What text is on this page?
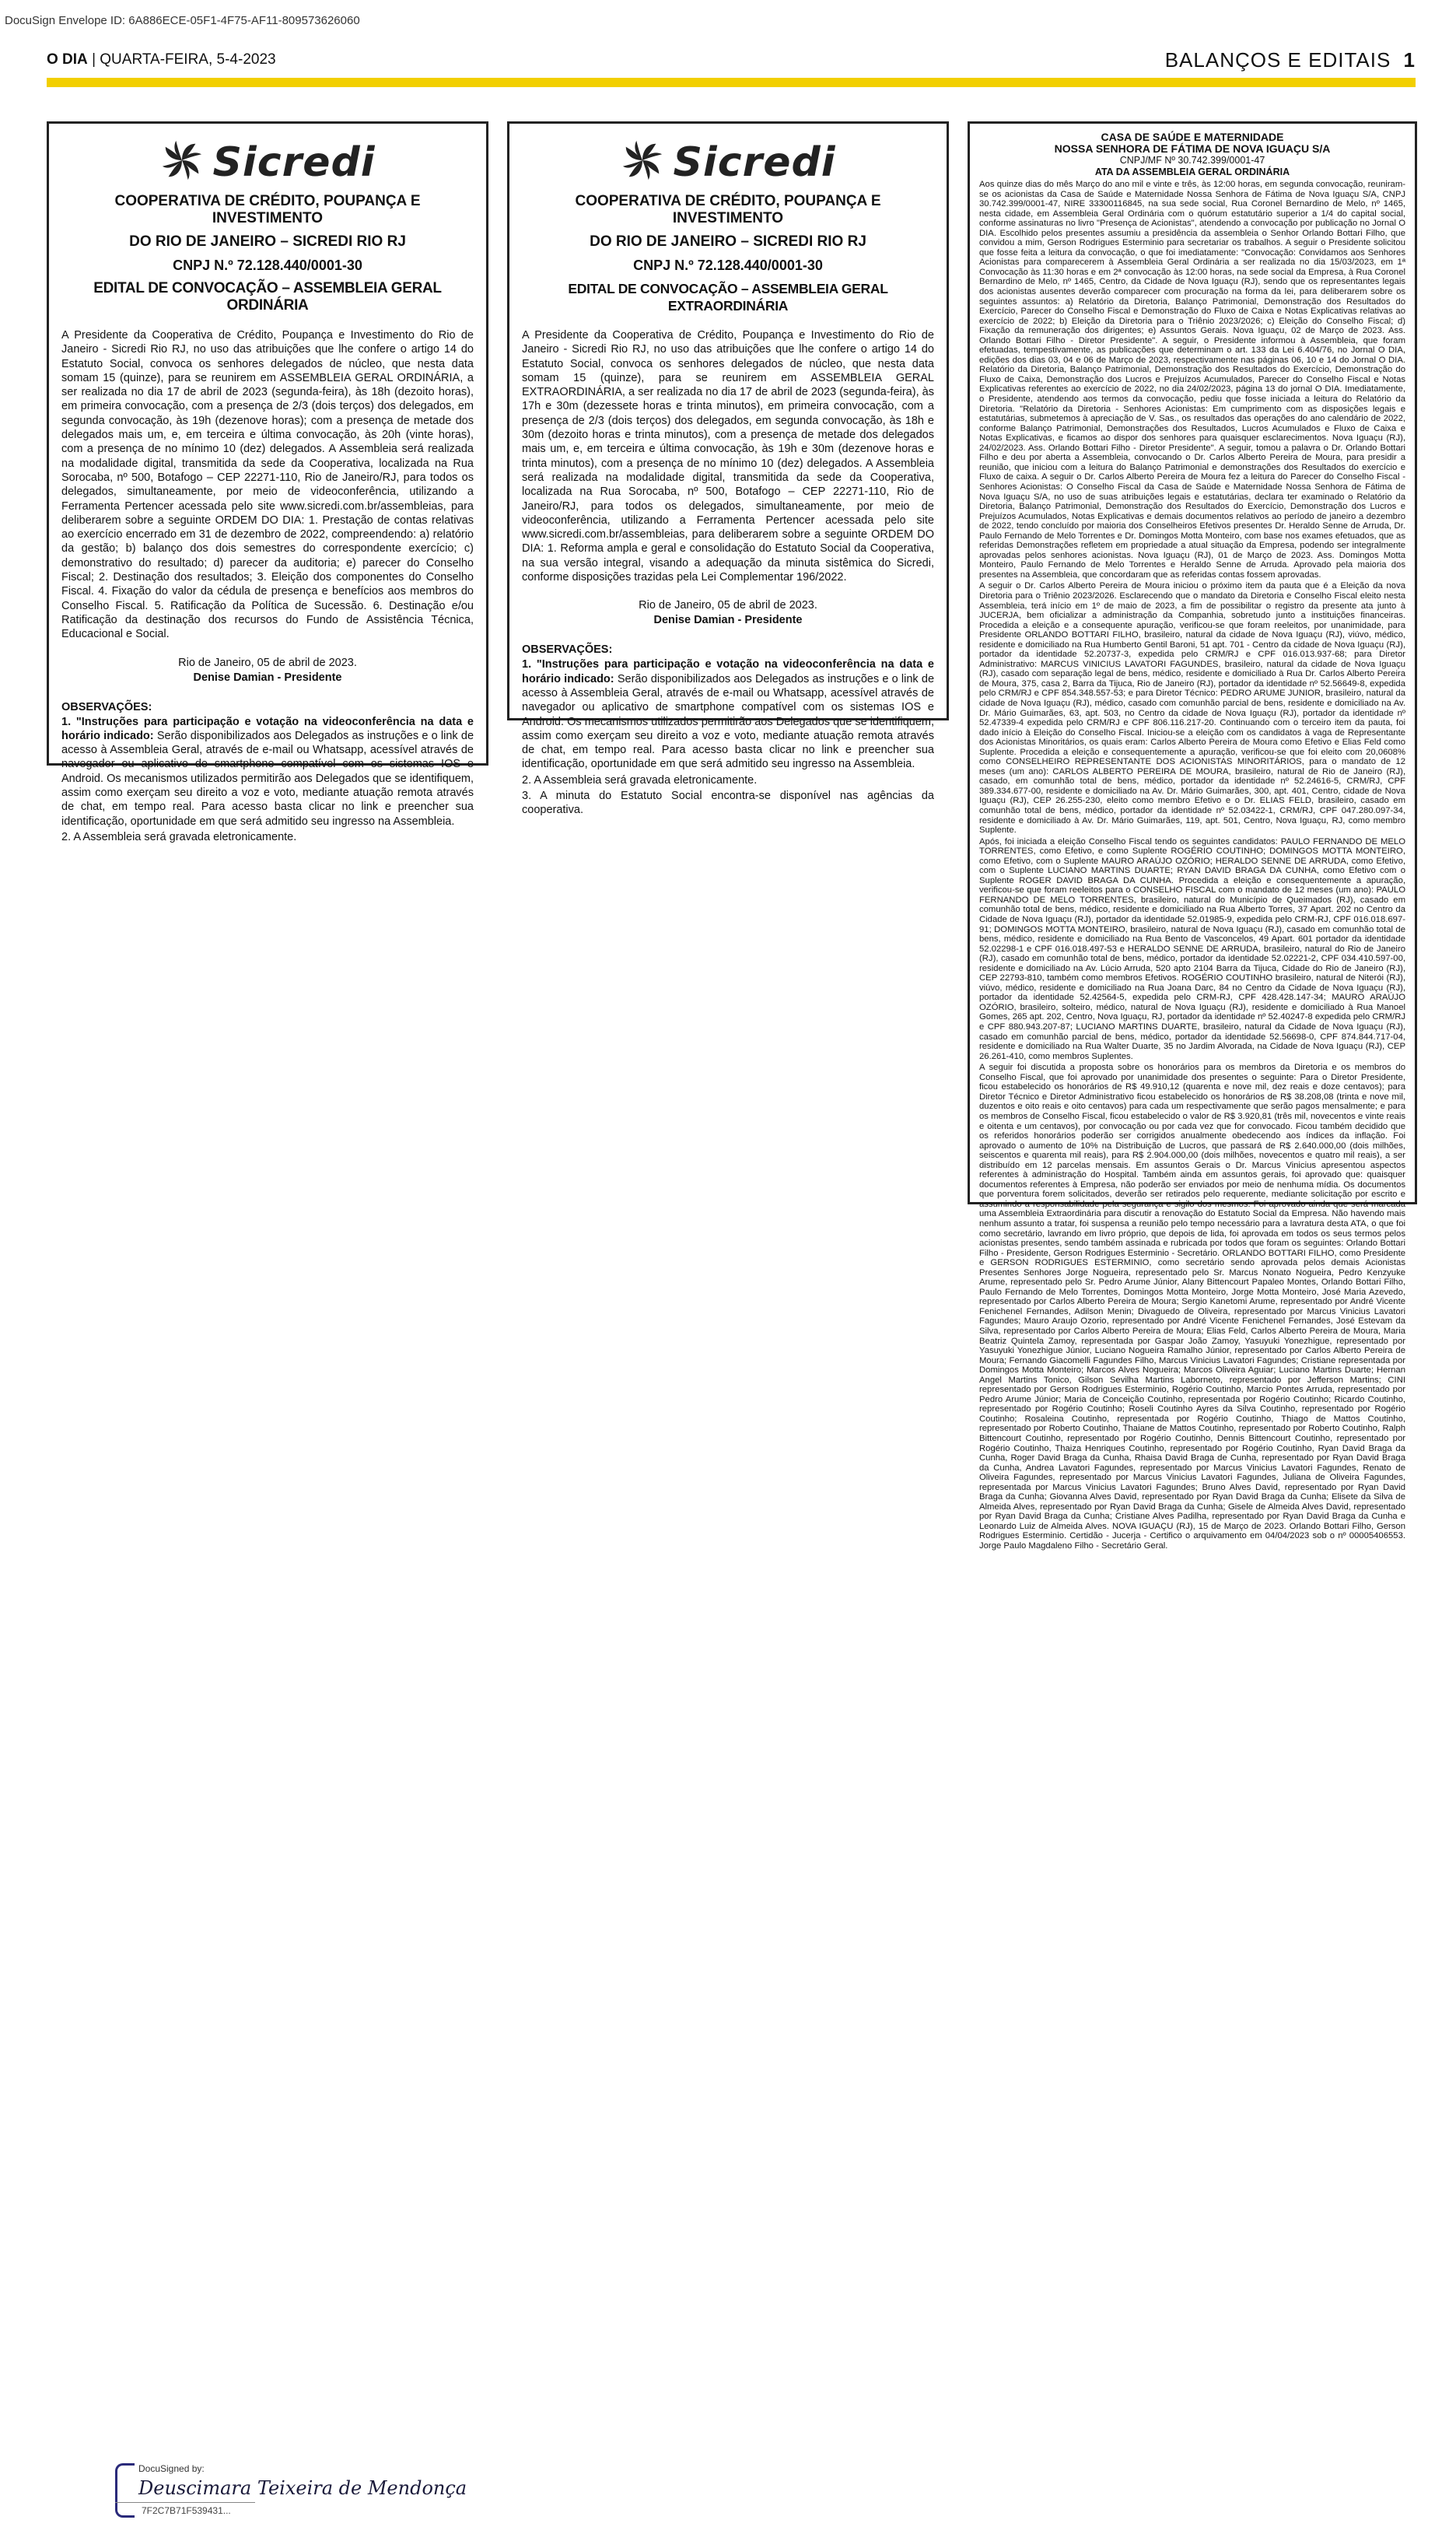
DocuSign Envelope ID: 6A886ECE-05F1-4F75-AF11-809573626060
O DIA | QUARTA-FEIRA, 5-4-2023	BALANÇOS E EDITAIS 1
Sicredi
COOPERATIVA DE CRÉDITO, POUPANÇA E INVESTIMENTO
DO RIO DE JANEIRO – SICREDI RIO RJ
CNPJ N.º 72.128.440/0001-30
EDITAL DE CONVOCAÇÃO – ASSEMBLEIA GERAL ORDINÁRIA
A Presidente da Cooperativa de Crédito, Poupança e Investimento do Rio de Janeiro - Sicredi Rio RJ, no uso das atribuições que lhe confere o artigo 14 do Estatuto Social, convoca os senhores delegados de núcleo, que nesta data somam 15 (quinze), para se reunirem em ASSEMBLEIA GERAL ORDINÁRIA, a ser realizada no dia 17 de abril de 2023 (segunda-feira), às 18h (dezoito horas), em primeira convocação, com a presença de 2/3 (dois terços) dos delegados, em segunda convocação, às 19h (dezenove horas); com a presença de metade dos delegados mais um, e, em terceira e última convocação, às 20h (vinte horas), com a presença de no mínimo 10 (dez) delegados. A Assembleia será realizada na modalidade digital, transmitida da sede da Cooperativa, localizada na Rua Sorocaba, nº 500, Botafogo – CEP 22271-110, Rio de Janeiro/RJ, para todos os delegados, simultaneamente, por meio de videoconferência, utilizando a Ferramenta Pertencer acessada pelo site www.sicredi.com.br/assembleias, para deliberarem sobre a seguinte ORDEM DO DIA: 1. Prestação de contas relativas ao exercício encerrado em 31 de dezembro de 2022, compreendendo: a) relatório da gestão; b) balanço dos dois semestres do correspondente exercício; c) demonstrativo do resultado; d) parecer da auditoria; e) parecer do Conselho Fiscal; 2. Destinação dos resultados; 3. Eleição dos componentes do Conselho Fiscal. 4. Fixação do valor da cédula de presença e benefícios aos membros do Conselho Fiscal. 5. Ratificação da Política de Sucessão. 6. Destinação e/ou Ratificação da destinação dos recursos do Fundo de Assistência Técnica, Educacional e Social.
Rio de Janeiro, 05 de abril de 2023.
Denise Damian - Presidente
OBSERVAÇÕES:
1. "Instruções para participação e votação na videoconferência na data e horário indicado: Serão disponibilizados aos Delegados as instruções e o link de acesso à Assembleia Geral, através de e-mail ou Whatsapp, acessível através de navegador ou aplicativo de smartphone compatível com os sistemas IOS e Android. Os mecanismos utilizados permitirão aos Delegados que se identifiquem, assim como exerçam seu direito a voz e voto, mediante atuação remota através de chat, em tempo real. Para acesso basta clicar no link e preencher sua identificação, oportunidade em que será admitido seu ingresso na Assembleia.
2. A Assembleia será gravada eletronicamente.
Sicredi
COOPERATIVA DE CRÉDITO, POUPANÇA E INVESTIMENTO
DO RIO DE JANEIRO – SICREDI RIO RJ
CNPJ N.º 72.128.440/0001-30
EDITAL DE CONVOCAÇÃO – ASSEMBLEIA GERAL EXTRAORDINÁRIA
A Presidente da Cooperativa de Crédito, Poupança e Investimento do Rio de Janeiro - Sicredi Rio RJ, no uso das atribuições que lhe confere o artigo 14 do Estatuto Social, convoca os senhores delegados de núcleo, que nesta data somam 15 (quinze), para se reunirem em ASSEMBLEIA GERAL EXTRAORDINÁRIA, a ser realizada no dia 17 de abril de 2023 (segunda-feira), às 17h e 30m (dezessete horas e trinta minutos), em primeira convocação, com a presença de 2/3 (dois terços) dos delegados, em segunda convocação, às 18h e 30m (dezoito horas e trinta minutos), com a presença de metade dos delegados mais um, e, em terceira e última convocação, às 19h e 30m (dezenove horas e trinta minutos), com a presença de no mínimo 10 (dez) delegados. A Assembleia será realizada na modalidade digital, transmitida da sede da Cooperativa, localizada na Rua Sorocaba, nº 500, Botafogo – CEP 22271-110, Rio de Janeiro/RJ, para todos os delegados, simultaneamente, por meio de videoconferência, utilizando a Ferramenta Pertencer acessada pelo site www.sicredi.com.br/assembleias, para deliberarem sobre a seguinte ORDEM DO DIA: 1. Reforma ampla e geral e consolidação do Estatuto Social da Cooperativa, na sua versão integral, visando a adequação da minuta sistêmica do Sicredi, conforme disposições trazidas pela Lei Complementar 196/2022.
Rio de Janeiro, 05 de abril de 2023.
Denise Damian - Presidente
OBSERVAÇÕES:
1. "Instruções para participação e votação na videoconferência na data e horário indicado: Serão disponibilizados aos Delegados as instruções e o link de acesso à Assembleia Geral, através de e-mail ou Whatsapp, acessível através de navegador ou aplicativo de smartphone compatível com os sistemas IOS e Android. Os mecanismos utilizados permitirão aos Delegados que se identifiquem, assim como exerçam seu direito a voz e voto, mediante atuação remota através de chat, em tempo real. Para acesso basta clicar no link e preencher sua identificação, oportunidade em que será admitido seu ingresso na Assembleia.
2. A Assembleia será gravada eletronicamente.
3. A minuta do Estatuto Social encontra-se disponível nas agências da cooperativa.
CASA DE SAÚDE E MATERNIDADE
NOSSA SENHORA DE FÁTIMA DE NOVA IGUAÇU S/A
CNPJ/MF Nº 30.742.399/0001-47
ATA DA ASSEMBLEIA GERAL ORDINÁRIA
Aos quinze dias do mês Março do ano mil e vinte e três, às 12:00 horas, em segunda convocação, reuniram-se os acionistas da Casa de Saúde e Maternidade Nossa Senhora de Fátima de Nova Iguaçu S/A, CNPJ 30.742.399/0001-47, NIRE 33300116845, na sua sede social, Rua Coronel Bernardino de Melo, nº 1465, nesta cidade, em Assembleia Geral Ordinária com o quórum estatutário superior a 1/4 do capital social, conforme assinaturas no livro "Presença de Acionistas", atendendo a convocação por publicação no Jornal O DIA. Escolhido pelos presentes assumiu a presidência da assembleia o Senhor Orlando Bottari Filho, que convidou a mim, Gerson Rodrigues Esterminio para secretariar os trabalhos. A seguir o Presidente solicitou que fosse feita a leitura da convocação, o que foi imediatamente: "Convocação: Convidamos aos Senhores Acionistas para comparecerem à Assembleia Geral Ordinária a ser realizada no dia 15/03/2023, em 1ª Convocação às 11:30 horas e em 2ª convocação às 12:00 horas, na sede social da Empresa, à Rua Coronel Bernardino de Melo, nº 1465, Centro, da Cidade de Nova Iguaçu (RJ), sendo que os representantes legais dos acionistas ausentes deverão comparecer com procuração na forma da lei, para deliberarem sobre os seguintes assuntos: a) Relatório da Diretoria, Balanço Patrimonial, Demonstração dos Resultados do Exercício, Parecer do Conselho Fiscal e Demonstração do Fluxo de Caixa e Notas Explicativas relativas ao exercício de 2022; b) Eleição da Diretoria para o Triênio 2023/2026; c) Eleição do Conselho Fiscal; d) Fixação da remuneração dos dirigentes; e) Assuntos Gerais. Nova Iguaçu, 02 de Março de 2023. Ass. Orlando Bottari Filho - Diretor Presidente". A seguir, o Presidente informou à Assembleia, que foram efetuadas, tempestivamente, as publicações que determinam o art. 133 da Lei 6.404/76, no Jornal O DIA, edições dos dias 03, 04 e 06 de Março de 2023, respectivamente nas páginas 06, 10 e 14 do Jornal O DIA. Relatório da Diretoria, Balanço Patrimonial, Demonstração dos Resultados do Exercício, Demonstração do Fluxo de Caixa, Demonstração dos Lucros e Prejuízos Acumulados, Parecer do Conselho Fiscal e Notas Explicativas referentes ao exercício de 2022, no dia 24/02/2023, página 13 do jornal O DIA. Imediatamente, o Presidente, atendendo aos termos da convocação, pediu que fosse iniciada a leitura do Relatório da Diretoria. "Relatório da Diretoria - Senhores Acionistas: Em cumprimento com as disposições legais e estatutárias, submetemos à apreciação de V. Sas., os resultados das operações do ano calendário de 2022, conforme Balanço Patrimonial, Demonstrações dos Resultados, Lucros Acumulados e Fluxo de Caixa e Notas Explicativas, e ficamos ao dispor dos senhores para quaisquer esclarecimentos. Nova Iguaçu (RJ), 24/02/2023. Ass. Orlando Bottari Filho - Diretor Presidente". A seguir, tomou a palavra o Dr. Orlando Bottari Filho e deu por aberta a Assembleia, convocando o Dr. Carlos Alberto Pereira de Moura, para presidir a reunião, que iniciou com a leitura do Balanço Patrimonial e demonstrações dos Resultados do exercício e Fluxo de caixa. A seguir o Dr. Carlos Alberto Pereira de Moura fez a leitura do Parecer do Conselho Fiscal - Senhores Acionistas: O Conselho Fiscal da Casa de Saúde e Maternidade Nossa Senhora de Fátima de Nova Iguaçu S/A, no uso de suas atribuições legais e estatutárias, declara ter examinado o Relatório da Diretoria, Balanço Patrimonial, Demonstração dos Resultados do Exercício, Demonstração dos Lucros e Prejuízos Acumulados, Notas Explicativas e demais documentos relativos ao período de janeiro a dezembro de 2022, tendo concluído por maioria dos Conselheiros Efetivos presentes Dr. Heraldo Senne de Arruda, Dr. Paulo Fernando de Melo Torrentes e Dr. Domingos Motta Monteiro, com base nos exames efetuados, que as referidas Demonstrações refletem em propriedade a atual situação da Empresa, podendo ser integralmente aprovadas pelos senhores acionistas. Nova Iguaçu (RJ), 01 de Março de 2023. Ass. Domingos Motta Monteiro, Paulo Fernando de Melo Torrentes e Heraldo Senne de Arruda. Aprovado pela maioria dos presentes na Assembleia, que concordaram que as referidas contas fossem aprovadas.
A seguir o Dr. Carlos Alberto Pereira de Moura iniciou o próximo item da pauta que é a Eleição da nova Diretoria para o Triênio 2023/2026. Esclarecendo que o mandato da Diretoria e Conselho Fiscal eleito nesta Assembleia, terá início em 1º de maio de 2023, a fim de possibilitar o registro da presente ata junto à JUCERJA, bem oficializar a administração da Companhia, sobretudo junto a instituições financeiras. Procedida a eleição e a consequente apuração, verificou-se que foram reeleitos, por unanimidade, para Presidente ORLANDO BOTTARI FILHO, brasileiro, natural da cidade de Nova Iguaçu (RJ), viúvo, médico, residente e domiciliado na Rua Humberto Gentil Baroni, 51 apt. 701 - Centro da cidade de Nova Iguaçu (RJ), portador da identidade 52.20737-3, expedida pelo CRM/RJ e CPF 016.013.937-68; para Diretor Administrativo: MARCUS VINICIUS LAVATORI FAGUNDES, brasileiro, natural da cidade de Nova Iguaçu (RJ), casado com separação legal de bens, médico, residente e domiciliado à Rua Dr. Carlos Alberto Pereira de Moura, 375, casa 2, Barra da Tijuca, Rio de Janeiro (RJ), portador da identidade nº 52.56649-8, expedida pelo CRM/RJ e CPF 854.348.557-53; e para Diretor Técnico: PEDRO ARUME JUNIOR, brasileiro, natural da cidade de Nova Iguaçu (RJ), médico, casado com comunhão parcial de bens, residente e domiciliado na Av. Dr. Mário Guimarães, 63, apt. 503, no Centro da cidade de Nova Iguaçu (RJ), portador da identidade nº 52.47339-4 expedida pelo CRM/RJ e CPF 806.116.217-20. Continuando com o terceiro item da pauta, foi dado início à Eleição do Conselho Fiscal. Iniciou-se a eleição com os candidatos à vaga de Representante dos Acionistas Minoritários, os quais eram: Carlos Alberto Pereira de Moura como Efetivo e Elias Feld como Suplente. Procedida a eleição e consequentemente a apuração, verificou-se que foi eleito com 20,0608% como CONSELHEIRO REPRESENTANTE DOS ACIONISTAS MINORITÁRIOS, para o mandato de 12 meses (um ano): CARLOS ALBERTO PEREIRA DE MOURA, brasileiro, natural de Rio de Janeiro (RJ), casado, em comunhão total de bens, médico, portador da identidade nº 52.24616-5, CRM/RJ, CPF 389.334.677-00, residente e domiciliado na Av. Dr. Mário Guimarães, 300, apt. 401, Centro, cidade de Nova Iguaçu (RJ), CEP 26.255-230, eleito como membro Efetivo e o Dr. ELIAS FELD, brasileiro, casado em comunhão total de bens, médico, portador da identidade nº 52.03422-1, CRM/RJ, CPF 047.280.097-34, residente e domiciliado à Av. Dr. Mário Guimarães, 119, apt. 501, Centro, Nova Iguaçu, RJ, como membro Suplente.
Após, foi iniciada a eleição Conselho Fiscal tendo os seguintes candidatos: PAULO FERNANDO DE MELO TORRENTES, como Efetivo, e como Suplente ROGÉRIO COUTINHO; DOMINGOS MOTTA MONTEIRO, como Efetivo, com o Suplente MAURO ARAÚJO OZÓRIO; HERALDO SENNE DE ARRUDA, como Efetivo, com o Suplente LUCIANO MARTINS DUARTE; RYAN DAVID BRAGA DA CUNHA, como Efetivo com o Suplente ROGER DAVID BRAGA DA CUNHA. Procedida a eleição e consequentemente a apuração, verificou-se que foram reeleitos para o CONSELHO FISCAL com o mandato de 12 meses (um ano): PAULO FERNANDO DE MELO TORRENTES, brasileiro, natural do Município de Queimados (RJ), casado em comunhão total de bens, médico, residente e domiciliado na Rua Alberto Torres, 37 Apart. 202 no Centro da Cidade de Nova Iguaçu (RJ), portador da identidade 52.01985-9, expedida pelo CRM-RJ, CPF 016.018.697-91; DOMINGOS MOTTA MONTEIRO, brasileiro, natural de Nova Iguaçu (RJ), casado em comunhão total de bens, médico, residente e domiciliado na Rua Bento de Vasconcelos, 49 Apart. 601 portador da identidade 52.02298-1 e CPF 016.018.497-53 e HERALDO SENNE DE ARRUDA, brasileiro, natural do Rio de Janeiro (RJ), casado em comunhão total de bens, médico, portador da identidade 52.02221-2, CPF 034.410.597-00, residente e domiciliado na Av. Lúcio Arruda, 520 apto 2104 Barra da Tijuca, Cidade do Rio de Janeiro (RJ), CEP 22793-810, também como membros Efetivos. ROGÉRIO COUTINHO brasileiro, natural de Niterói (RJ), viúvo, médico, residente e domiciliado na Rua Joana Darc, 84 no Centro da Cidade de Nova Iguaçu (RJ), portador da identidade 52.42564-5, expedida pelo CRM-RJ, CPF 428.428.147-34; MAURO ARAÚJO OZÓRIO, brasileiro, solteiro, médico, natural de Nova Iguaçu (RJ), residente e domiciliado à Rua Manoel Gomes, 265 apt. 202, Centro, Nova Iguaçu, RJ, portador da identidade nº 52.40247-8 expedida pelo CRM/RJ e CPF 880.943.207-87; LUCIANO MARTINS DUARTE, brasileiro, natural da Cidade de Nova Iguaçu (RJ), casado em comunhão parcial de bens, médico, portador da identidade 52.56698-0, CPF 874.844.717-04, residente e domiciliado na Rua Walter Duarte, 35 no Jardim Alvorada, na Cidade de Nova Iguaçu (RJ), CEP 26.261-410, como membros Suplentes.
A seguir foi discutida a proposta sobre os honorários para os membros da Diretoria e os membros do Conselho Fiscal, que foi aprovado por unanimidade dos presentes o seguinte: Para o Diretor Presidente, ficou estabelecido os honorários de R$ 49.910,12 (quarenta e nove mil, dez reais e doze centavos); para Diretor Técnico e Diretor Administrativo ficou estabelecido os honorários de R$ 38.208,08 (trinta e nove mil, duzentos e oito reais e oito centavos) para cada um respectivamente que serão pagos mensalmente; e para os membros de Conselho Fiscal, ficou estabelecido o valor de R$ 3.920,81 (três mil, novecentos e vinte reais e oitenta e um centavos), por convocação ou por cada vez que for convocado. Ficou também decidido que os referidos honorários poderão ser corrigidos anualmente obedecendo aos índices da inflação. Foi aprovado o aumento de 10% na Distribuição de Lucros, que passará de R$ 2.640.000,00 (dois milhões, seiscentos e quarenta mil reais), para R$ 2.904.000,00 (dois milhões, novecentos e quatro mil reais), a ser distribuído em 12 parcelas mensais. Em assuntos Gerais o Dr. Marcus Vinicius apresentou aspectos referentes à administração do Hospital. Também ainda em assuntos gerais, foi aprovado que: quaisquer documentos referentes à Empresa, não poderão ser enviados por meio de nenhuma mídia. Os documentos que porventura forem solicitados, deverão ser retirados pelo requerente, mediante solicitação por escrito e assumindo a responsabilidade pela segurança e sigilo dos mesmos. Foi aprovado ainda que será marcada uma Assembleia Extraordinária para discutir a renovação do Estatuto Social da Empresa. Não havendo mais nenhum assunto a tratar, foi suspensa a reunião pelo tempo necessário para a lavratura desta ATA, o que foi como secretário, lavrando em livro próprio, que depois de lida, foi aprovada em todos os seus termos pelos acionistas presentes, sendo também assinada e rubricada por todos que foram os seguintes: Orlando Bottari Filho - Presidente, Gerson Rodrigues Esterminio - Secretário. ORLANDO BOTTARI FILHO, como Presidente e GERSON RODRIGUES ESTERMINIO, como secretário sendo aprovada pelos demais Acionistas Presentes Senhores Jorge Nogueira, representado pelo Sr. Marcus Nonato Nogueira, Pedro Kenzyuke Arume, representado pelo Sr. Pedro Arume Júnior, Alany Bittencourt Papaleo Montes, Orlando Bottari Filho, Paulo Fernando de Melo Torrentes, Domingos Motta Monteiro, Jorge Motta Monteiro, José Maria Azevedo, representado por Carlos Alberto Pereira de Moura; Sergio Kanetomi Arume, representado por André Vicente Fenichenel Fernandes, Adilson Menin; Divaguedo de Oliveira, representado por Marcus Vinicius Lavatori Fagundes; Mauro Araujo Ozorio, representado por André Vicente Fenichenel Fernandes, José Estevam da Silva, representado por Carlos Alberto Pereira de Moura; Elias Feld, Carlos Alberto Pereira de Moura, Maria Beatriz Quintela Zamoy, representada por Gaspar João Zamoy, Yasuyuki Yonezhigue, representado por Yasuyuki Yonezhigue Júnior, Luciano Nogueira Ramalho Júnior, representado por Carlos Alberto Pereira de Moura; Fernando Giacomelli Fagundes Filho, Marcus Vinicius Lavatori Fagundes; Cristiane representada por Domingos Motta Monteiro; Marcos Alves Nogueira; Marcos Oliveira Aguiar; Luciano Martins Duarte; Hernan Angel Martins Tonico, Gilson Sevilha Martins Laborneto, representado por Jefferson Martins; CINI representado por Gerson Rodrigues Esterminio, Rogério Coutinho, Marcio Pontes Arruda, representado por Pedro Arume Júnior; Maria de Conceição Coutinho, representada por Rogério Coutinho; Ricardo Coutinho, representado por Rogério Coutinho; Roseli Coutinho Ayres da Silva Coutinho, representado por Rogério Coutinho; Rosaleina Coutinho, representada por Rogério Coutinho, Thiago de Mattos Coutinho, representado por Roberto Coutinho, Thaiane de Mattos Coutinho, representado por Roberto Coutinho, Ralph Bittencourt Coutinho, representado por Rogério Coutinho, Dennis Bittencourt Coutinho, representado por Rogério Coutinho, Thaiza Henriques Coutinho, representado por Rogério Coutinho, Ryan David Braga da Cunha, Roger David Braga da Cunha, Rhaisa David Braga de Cunha, representado por Ryan David Braga da Cunha, Andrea Lavatori Fagundes, representado por Marcus Vinicius Lavatori Fagundes, Renato de Oliveira Fagundes, representado por Marcus Vinicius Lavatori Fagundes, Juliana de Oliveira Fagundes, representada por Marcus Vinicius Lavatori Fagundes; Bruno Alves David, representado por Ryan David Braga da Cunha; Giovanna Alves David, representado por Ryan David Braga da Cunha; Elisete da Silva de Almeida Alves, representado por Ryan David Braga da Cunha; Gisele de Almeida Alves David, representado por Ryan David Braga da Cunha; Cristiane Alves Padilha, representado por Ryan David Braga da Cunha e Leonardo Luiz de Almeida Alves. NOVA IGUAÇU (RJ), 15 de Março de 2023. Orlando Bottari Filho, Gerson Rodrigues Esterminio. Certidão - Jucerja - Certifico o arquivamento em 04/04/2023 sob o nº 00005406553. Jorge Paulo Magdaleno Filho - Secretário Geral.
DocuSigned by:
Deuscimara Teixeira de Mendonça
7F2C7B71F539431...
